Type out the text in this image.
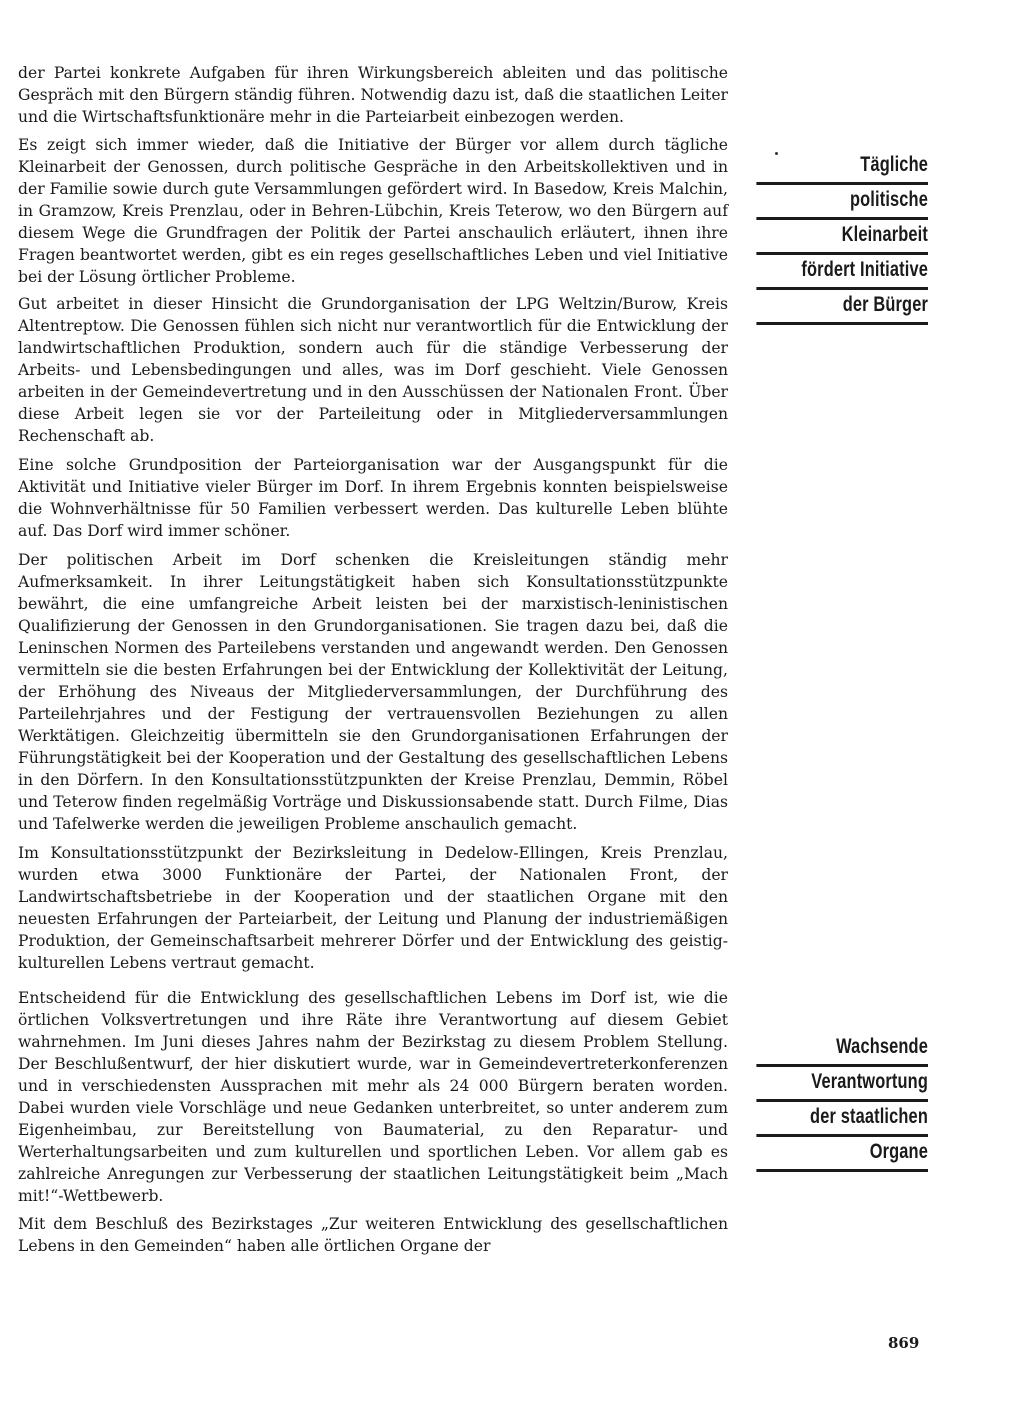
der Partei konkrete Aufgaben für ihren Wirkungsbereich ableiten und das politische Gespräch mit den Bürgern ständig führen. Notwendig dazu ist, daß die staatlichen Leiter und die Wirtschaftsfunktionäre mehr in die Parteiarbeit einbezogen werden.

Es zeigt sich immer wieder, daß die Initiative der Bürger vor allem durch tägliche Kleinarbeit der Genossen, durch politische Gespräche in den Arbeitskollektiven und in der Familie sowie durch gute Versammlungen gefördert wird. In Basedow, Kreis Malchin, in Gramzow, Kreis Prenzlau, oder in Behren-Lübchin, Kreis Teterow, wo den Bürgern auf diesem Wege die Grundfragen der Politik der Partei anschaulich erläutert, ihnen ihre Fragen beantwortet werden, gibt es ein reges gesellschaftliches Leben und viel Initiative bei der Lösung örtlicher Probleme.

Gut arbeitet in dieser Hinsicht die Grundorganisation der LPG Weltzin/Burow, Kreis Altentreptow. Die Genossen fühlen sich nicht nur verantwortlich für die Entwicklung der landwirtschaftlichen Produktion, sondern auch für die ständige Verbesserung der Arbeits- und Lebensbedingungen und alles, was im Dorf geschieht. Viele Genossen arbeiten in der Gemeindevertretung und in den Ausschüssen der Nationalen Front. Über diese Arbeit legen sie vor der Parteileitung oder in Mitgliederversammlungen Rechenschaft ab.

Eine solche Grundposition der Parteiorganisation war der Ausgangspunkt für die Aktivität und Initiative vieler Bürger im Dorf. In ihrem Ergebnis konnten beispielsweise die Wohnverhältnisse für 50 Familien verbessert werden. Das kulturelle Leben blühte auf. Das Dorf wird immer schöner.

Der politischen Arbeit im Dorf schenken die Kreisleitungen ständig mehr Aufmerksamkeit. In ihrer Leitungstätigkeit haben sich Konsultationsstützpunkte bewährt, die eine umfangreiche Arbeit leisten bei der marxistisch-leninistischen Qualifizierung der Genossen in den Grundorganisationen. Sie tragen dazu bei, daß die Leninschen Normen des Parteilebens verstanden und angewandt werden. Den Genossen vermitteln sie die besten Erfahrungen bei der Entwicklung der Kollektivität der Leitung, der Erhöhung des Niveaus der Mitgliederversammlungen, der Durchführung des Parteilehrjahres und der Festigung der vertrauensvollen Beziehungen zu allen Werktätigen. Gleichzeitig übermitteln sie den Grundorganisationen Erfahrungen der Führungstätigkeit bei der Kooperation und der Gestaltung des gesellschaftlichen Lebens in den Dörfern. In den Konsultationsstützpunkten der Kreise Prenzlau, Demmin, Röbel und Teterow finden regelmäßig Vorträge und Diskussionsabende statt. Durch Filme, Dias und Tafelwerke werden die jeweiligen Probleme anschaulich gemacht.

Im Konsultationsstützpunkt der Bezirksleitung in Dedelow-Ellingen, Kreis Prenzlau, wurden etwa 3000 Funktionäre der Partei, der Nationalen Front, der Landwirtschaftsbetriebe in der Kooperation und der staatlichen Organe mit den neuesten Erfahrungen der Parteiarbeit, der Leitung und Planung der industriemäßigen Produktion, der Gemeinschaftsarbeit mehrerer Dörfer und der Entwicklung des geistig-kulturellen Lebens vertraut gemacht.

Entscheidend für die Entwicklung des gesellschaftlichen Lebens im Dorf ist, wie die örtlichen Volksvertretungen und ihre Räte ihre Verantwortung auf diesem Gebiet wahrnehmen. Im Juni dieses Jahres nahm der Bezirkstag zu diesem Problem Stellung. Der Beschlußentwurf, der hier diskutiert wurde, war in Gemeindevertreterkonferenzen und in verschiedensten Aussprachen mit mehr als 24 000 Bürgern beraten worden. Dabei wurden viele Vorschläge und neue Gedanken unterbreitet, so unter anderem zum Eigenheimbau, zur Bereitstellung von Baumaterial, zu den Reparatur- und Werterhaltungsarbeiten und zum kulturellen und sportlichen Leben. Vor allem gab es zahlreiche Anregungen zur Verbesserung der staatlichen Leitungstätigkeit beim „Mach mit!“-Wettbewerb.

Mit dem Beschluß des Bezirkstages „Zur weiteren Entwicklung des gesellschaftlichen Lebens in den Gemeinden“ haben alle örtlichen Organe der

Tägliche
politische
Kleinarbeit
fördert Initiative
der Bürger
Wachsende
Verantwortung
der staatlichen
Organe
869
